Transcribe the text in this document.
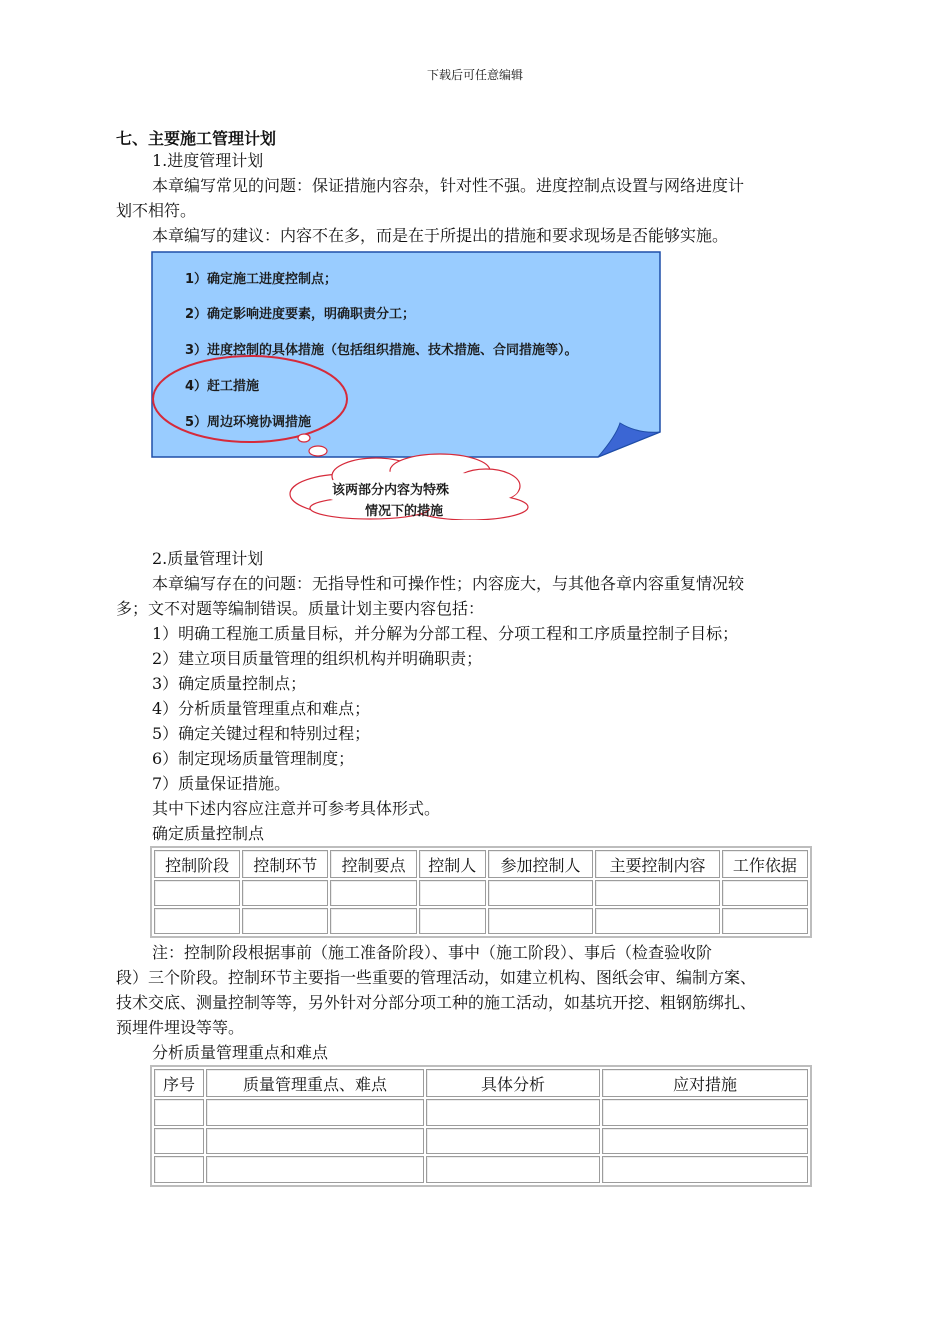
下载后可任意编辑
七、主要施工管理计划
1.进度管理计划
本章编写常见的问题：保证措施内容杂，针对性不强。进度控制点设置与网络进度计
划不相符。
本章编写的建议：内容不在多，而是在于所提出的措施和要求现场是否能够实施。
1）确定施工进度控制点；
2）确定影响进度要素，明确职责分工；
3）进度控制的具体措施（包括组织措施、技术措施、合同措施等）。
4）赶工措施
5）周边环境协调措施
该两部分内容为特殊
情况下的措施
2.质量管理计划
本章编写存在的问题：无指导性和可操作性；内容庞大，与其他各章内容重复情况较
多；文不对题等编制错误。质量计划主要内容包括：
1）明确工程施工质量目标，并分解为分部工程、分项工程和工序质量控制子目标；
2）建立项目质量管理的组织机构并明确职责；
3）确定质量控制点；
4）分析质量管理重点和难点；
5）确定关键过程和特别过程；
6）制定现场质量管理制度；
7）质量保证措施。
其中下述内容应注意并可参考具体形式。
确定质量控制点
控制阶段	控制环节	控制要点	控制人	参加控制人	主要控制内容	工作依据

注：控制阶段根据事前（施工准备阶段）、事中（施工阶段）、事后（检查验收阶
段）三个阶段。控制环节主要指一些重要的管理活动，如建立机构、图纸会审、编制方案、
技术交底、测量控制等等，另外针对分部分项工种的施工活动，如基坑开挖、粗钢筋绑扎、
预埋件埋设等等。
分析质量管理重点和难点
序号	质量管理重点、难点	具体分析	应对措施
